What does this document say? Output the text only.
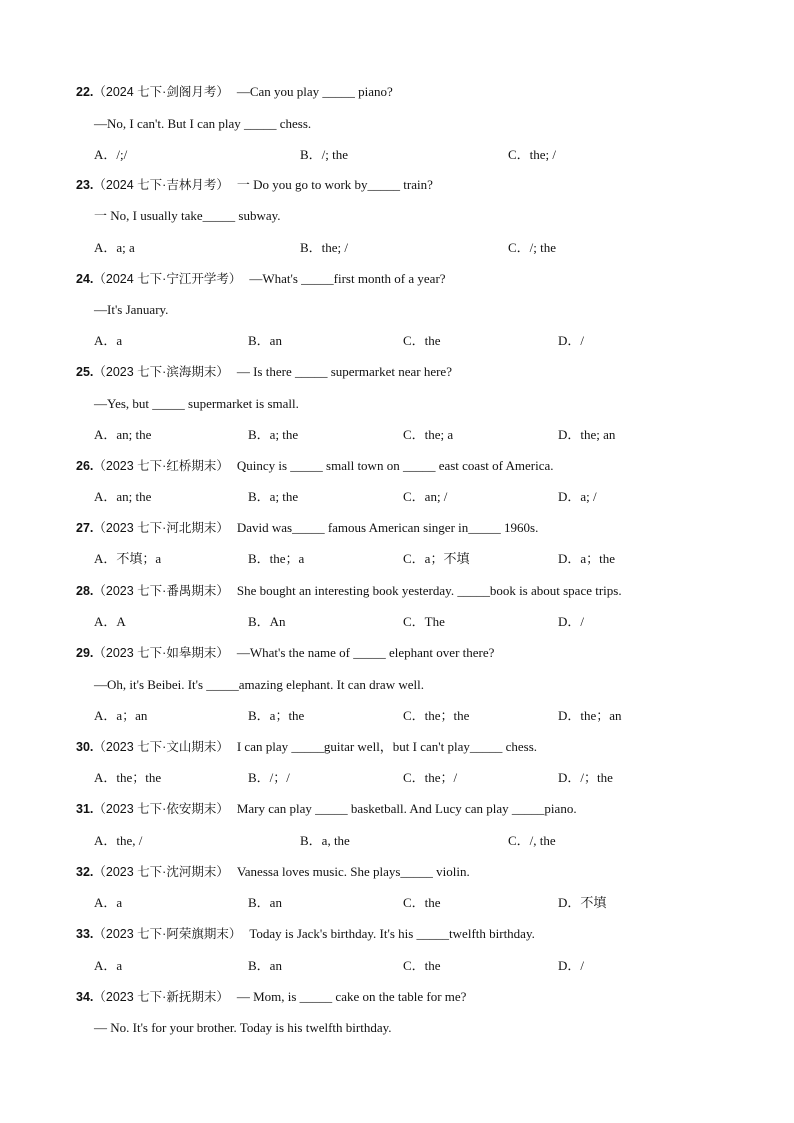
22.（2024 七下·剑阁月考） —Can you play _____ piano?
—No, I can't. But I can play _____ chess.
A．/;/	B．/; the	C．the; /
23.（2024 七下·吉林月考） 一 Do you go to work by_____ train?
一 No, I usually take_____ subway.
A．a; a	B．the; /	C．/; the
24.（2024 七下·宁江开学考） —What's _____first month of a year?
—It's January.
A．a	B．an	C．the	D．/
25.（2023 七下·滨海期末） — Is there _____ supermarket near here?
—Yes, but _____ supermarket is small.
A．an; the	B．a; the	C．the; a	D．the; an
26.（2023 七下·红桥期末） Quincy is _____ small town on _____ east coast of America.
A．an; the	B．a; the	C．an; /	D．a; /
27.（2023 七下·河北期末） David was_____ famous American singer in_____ 1960s.
A．不填；a	B．the；a	C．a；不填	D．a；the
28.（2023 七下·番禺期末） She bought an interesting book yesterday. _____book is about space trips.
A．A	B．An	C．The	D．/
29.（2023 七下·如皋期末） —What's the name of _____ elephant over there?
—Oh, it's Beibei. It's _____amazing elephant. It can draw well.
A．a；an	B．a；the	C．the；the	D．the；an
30.（2023 七下·文山期末） I can play _____guitar well，but I can't play_____ chess.
A．the；the	B．/；/	C．the；/	D．/；the
31.（2023 七下·依安期末） Mary can play _____ basketball. And Lucy can play _____piano.
A．the, /	B．a, the	C．/, the
32.（2023 七下·沈河期末） Vanessa loves music. She plays_____ violin.
A．a	B．an	C．the	D．不填
33.（2023 七下·阿荣旗期末） Today is Jack's birthday. It's his _____twelfth birthday.
A．a	B．an	C．the	D．/
34.（2023 七下·新抚期末） — Mom, is _____ cake on the table for me?
— No. It's for your brother. Today is his twelfth birthday.
